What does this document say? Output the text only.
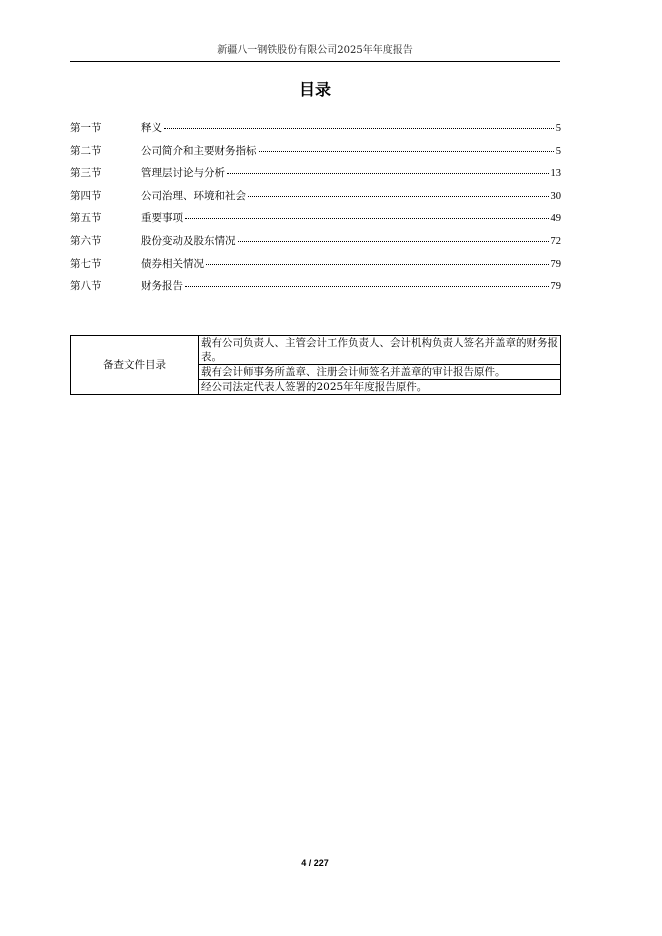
新疆八一钢铁股份有限公司2025年年度报告
目录
第一节	释义	5
第二节	公司简介和主要财务指标	5
第三节	管理层讨论与分析	13
第四节	公司治理、环境和社会	30
第五节	重要事项	49
第六节	股份变动及股东情况	72
第七节	债券相关情况	79
第八节	财务报告	79
备查文件目录	载有公司负责人、主管会计工作负责人、会计机构负责人签名并盖章的财务报表。
载有会计师事务所盖章、注册会计师签名并盖章的审计报告原件。
经公司法定代表人签署的2025年年度报告原件。
4 / 227
